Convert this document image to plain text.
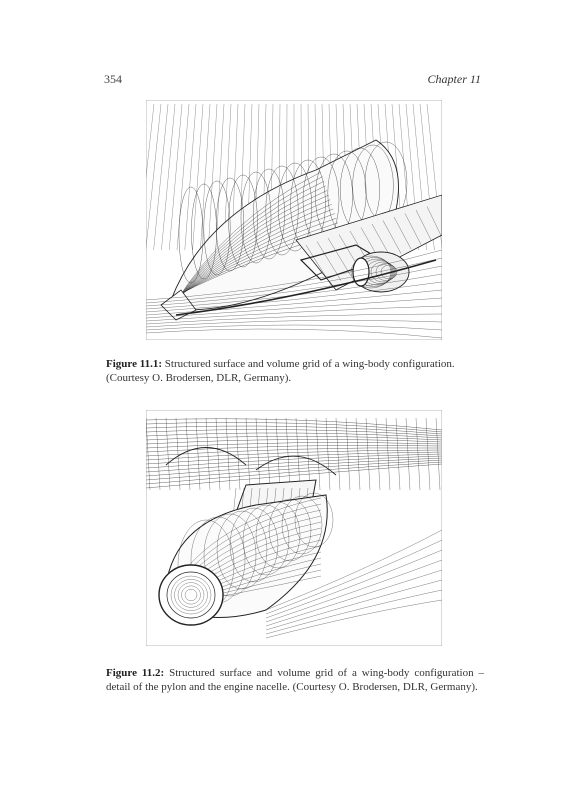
354	Chapter 11
Figure 11.1: Structured surface and volume grid of a wing-body configuration. (Courtesy O. Brodersen, DLR, Germany).
Figure 11.2: Structured surface and volume grid of a wing-body configuration – detail of the pylon and the engine nacelle. (Courtesy O. Brodersen, DLR, Germany).
